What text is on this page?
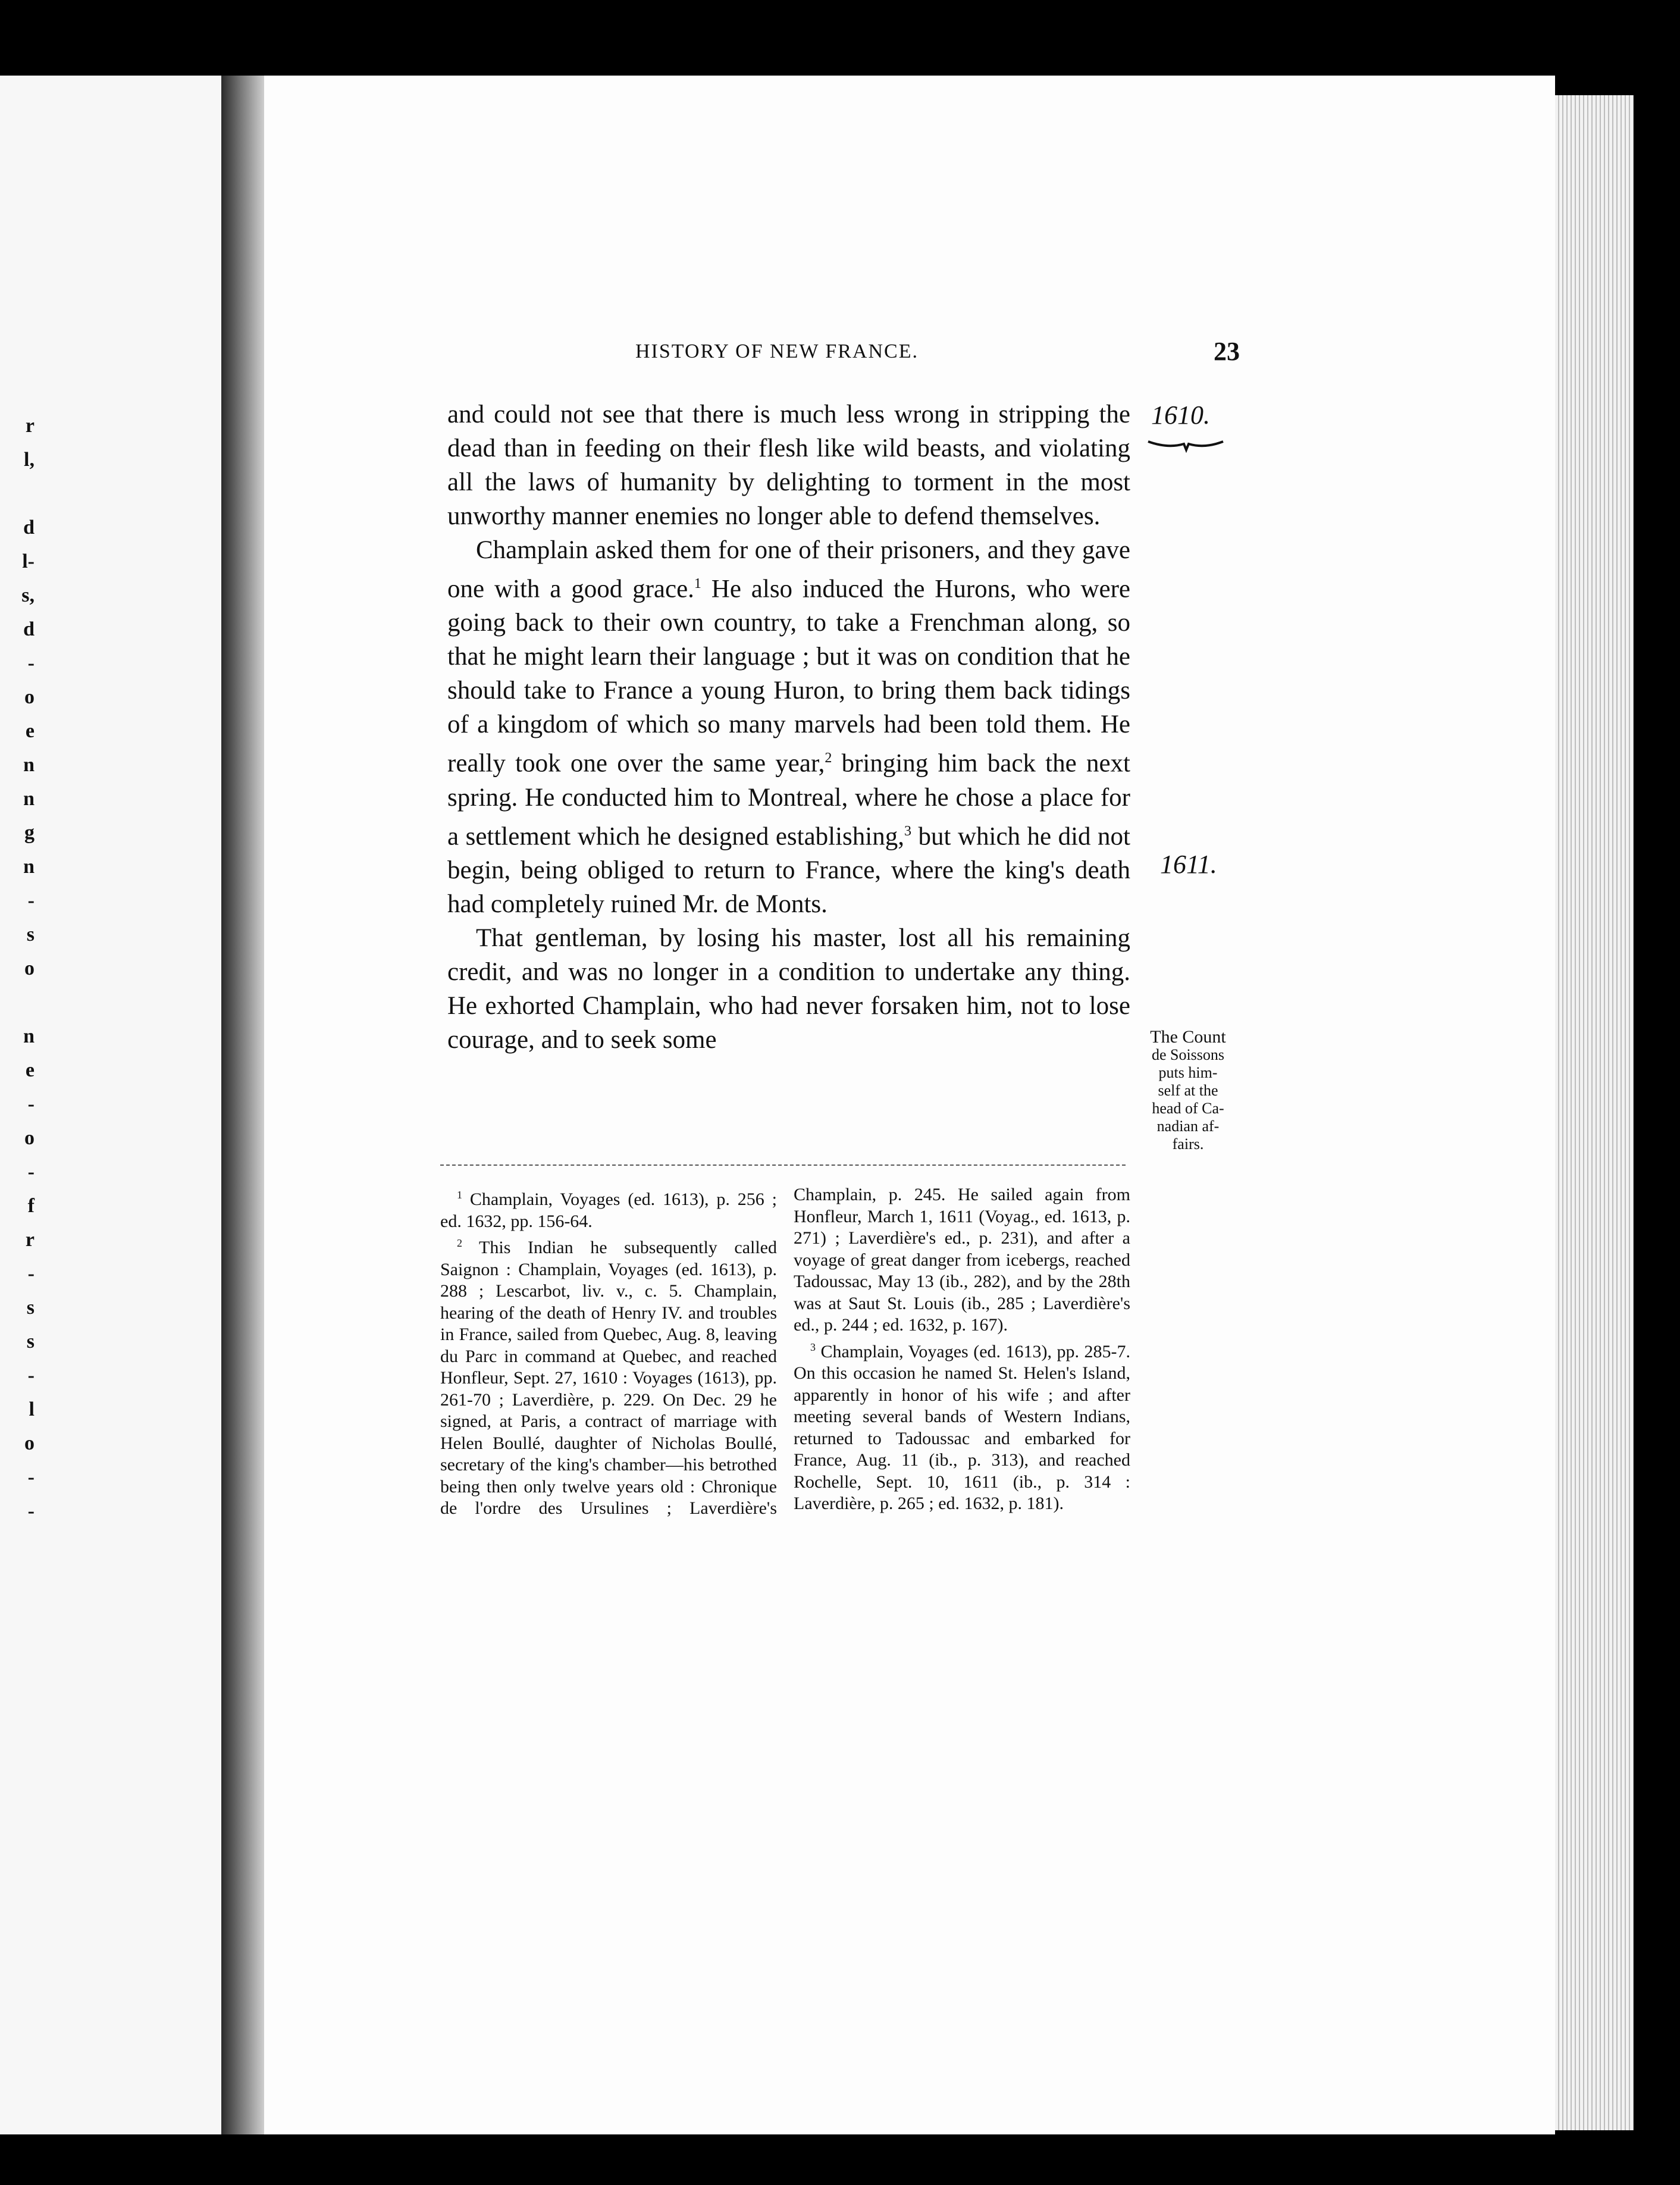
r
l,
d
l-
s,
d
-
o
e
n
n
g
n
-
s
o
n
e
-
o
-
f
r
-
s
s
-
l
o
-
-
HISTORY OF NEW FRANCE.	23
1610.
1611.
The Count
de Soissons
puts him-
self at the
head of Ca-
nadian af-
fairs.

and could not see that there is much less wrong in stripping the dead than in feeding on their flesh like wild beasts, and violating all the laws of humanity by delighting to torment in the most unworthy manner enemies no longer able to defend themselves.

Champlain asked them for one of their prisoners, and they gave one with a good grace.$^1$ He also induced the Hurons, who were going back to their own country, to take a Frenchman along, so that he might learn their language ; but it was on condition that he should take to France a young Huron, to bring them back tidings of a kingdom of which so many marvels had been told them. He really took one over the same year,$^2$ bringing him back the next spring. He conducted him to Montreal, where he chose a place for a settlement which he designed establishing,$^3$ but which he did not begin, being obliged to return to France, where the king's death had completely ruined Mr. de Monts.

That gentleman, by losing his master, lost all his remaining credit, and was no longer in a condition to undertake any thing. He exhorted Champlain, who had never forsaken him, not to lose courage, and to seek some

$^1$ Champlain, Voyages (ed. 1613), p. 256 ; ed. 1632, pp. 156-64.

$^2$ This Indian he subsequently called Saignon : Champlain, Voyages (ed. 1613), p. 288 ; Lescarbot, liv. v., c. 5. Champlain, hearing of the death of Henry IV. and troubles in France, sailed from Quebec, Aug. 8, leaving du Parc in command at Quebec, and reached Honfleur, Sept. 27, 1610 : Voyages (1613), pp. 261-70 ; Laverdière, p. 229. On Dec. 29 he signed, at Paris, a contract of marriage with Helen Boullé, daughter of Nicholas Boullé, secretary of the king's chamber—his betrothed being then only twelve years old : Chronique de l'ordre des Ursulines ; Laverdière's Champlain, p. 245. He sailed again from Honfleur, March 1, 1611 (Voyag., ed. 1613, p. 271) ; Laverdière's ed., p. 231), and after a voyage of great danger from icebergs, reached Tadoussac, May 13 (ib., 282), and by the 28th was at Saut St. Louis (ib., 285 ; Laverdière's ed., p. 244 ; ed. 1632, p. 167).

$^3$ Champlain, Voyages (ed. 1613), pp. 285-7. On this occasion he named St. Helen's Island, apparently in honor of his wife ; and after meeting several bands of Western Indians, returned to Tadoussac and embarked for France, Aug. 11 (ib., p. 313), and reached Rochelle, Sept. 10, 1611 (ib., p. 314 : Laverdière, p. 265 ; ed. 1632, p. 181).
